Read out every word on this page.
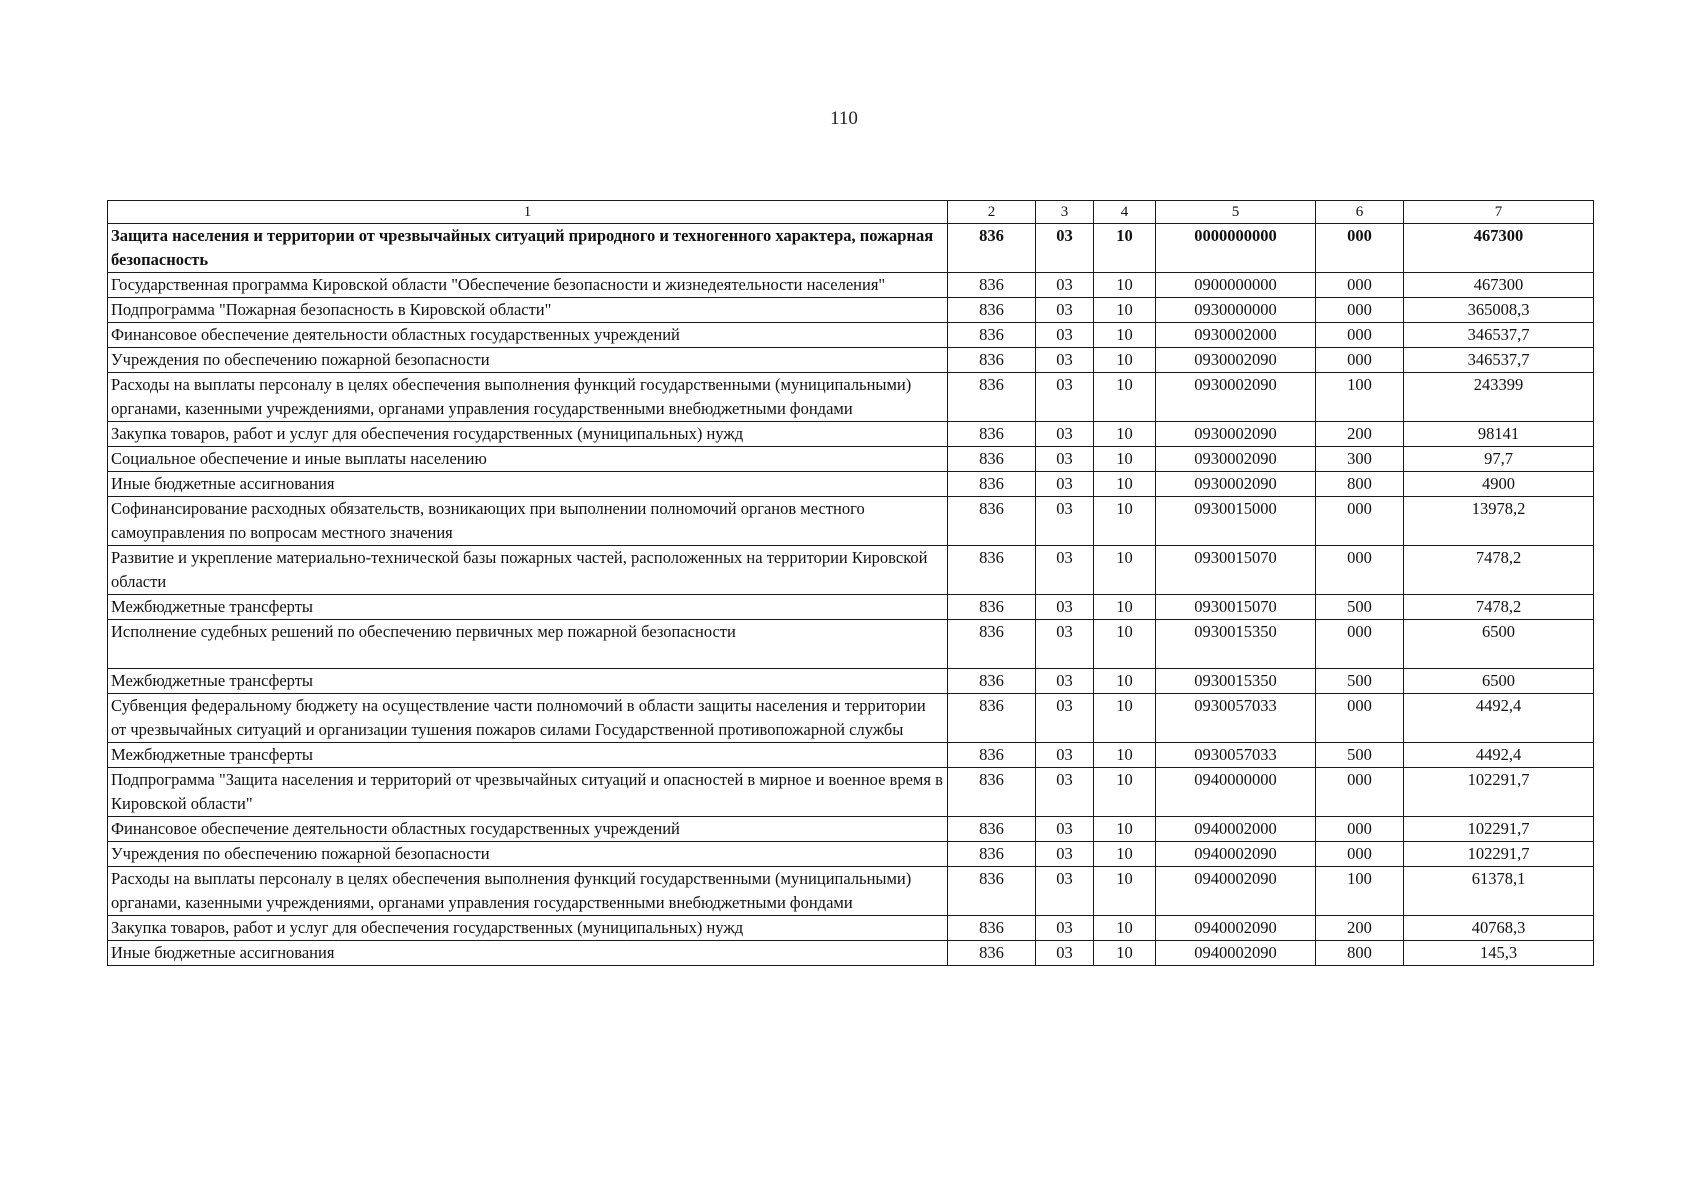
110
1	2	3	4	5	6	7
Защита населения и территории от чрезвычайных ситуаций природного и техногенного характера, пожарная безопасность	836	03	10	0000000000	000	467300
Государственная программа Кировской области "Обеспечение безопасности и жизнедеятельности населения"	836	03	10	0900000000	000	467300
Подпрограмма "Пожарная безопасность в Кировской области"	836	03	10	0930000000	000	365008,3
Финансовое обеспечение деятельности областных государственных учреждений	836	03	10	0930002000	000	346537,7
Учреждения по обеспечению пожарной безопасности	836	03	10	0930002090	000	346537,7
Расходы на выплаты персоналу в целях обеспечения выполнения функций государственными (муниципальными) органами, казенными учреждениями, органами управления государственными внебюджетными фондами	836	03	10	0930002090	100	243399
Закупка товаров, работ и услуг для обеспечения государственных (муниципальных) нужд	836	03	10	0930002090	200	98141
Социальное обеспечение и иные выплаты населению	836	03	10	0930002090	300	97,7
Иные бюджетные ассигнования	836	03	10	0930002090	800	4900
Софинансирование расходных обязательств, возникающих при выполнении полномочий органов местного самоуправления по вопросам местного значения	836	03	10	0930015000	000	13978,2
Развитие и укрепление материально-технической базы пожарных частей, расположенных на территории Кировской области	836	03	10	0930015070	000	7478,2
Межбюджетные трансферты	836	03	10	0930015070	500	7478,2
Исполнение судебных решений по обеспечению первичных мер пожарной безопасности	836	03	10	0930015350	000	6500
Межбюджетные трансферты	836	03	10	0930015350	500	6500
Субвенция федеральному бюджету на осуществление части полномочий в области защиты населения и территории от чрезвычайных ситуаций и организации тушения пожаров силами Государственной противопожарной службы	836	03	10	0930057033	000	4492,4
Межбюджетные трансферты	836	03	10	0930057033	500	4492,4
Подпрограмма "Защита населения и территорий от чрезвычайных ситуаций и опасностей в мирное и военное время в Кировской области"	836	03	10	0940000000	000	102291,7
Финансовое обеспечение деятельности областных государственных учреждений	836	03	10	0940002000	000	102291,7
Учреждения по обеспечению пожарной безопасности	836	03	10	0940002090	000	102291,7
Расходы на выплаты персоналу в целях обеспечения выполнения функций государственными (муниципальными) органами, казенными учреждениями, органами управления государственными внебюджетными фондами	836	03	10	0940002090	100	61378,1
Закупка товаров, работ и услуг для обеспечения государственных (муниципальных) нужд	836	03	10	0940002090	200	40768,3
Иные бюджетные ассигнования	836	03	10	0940002090	800	145,3
